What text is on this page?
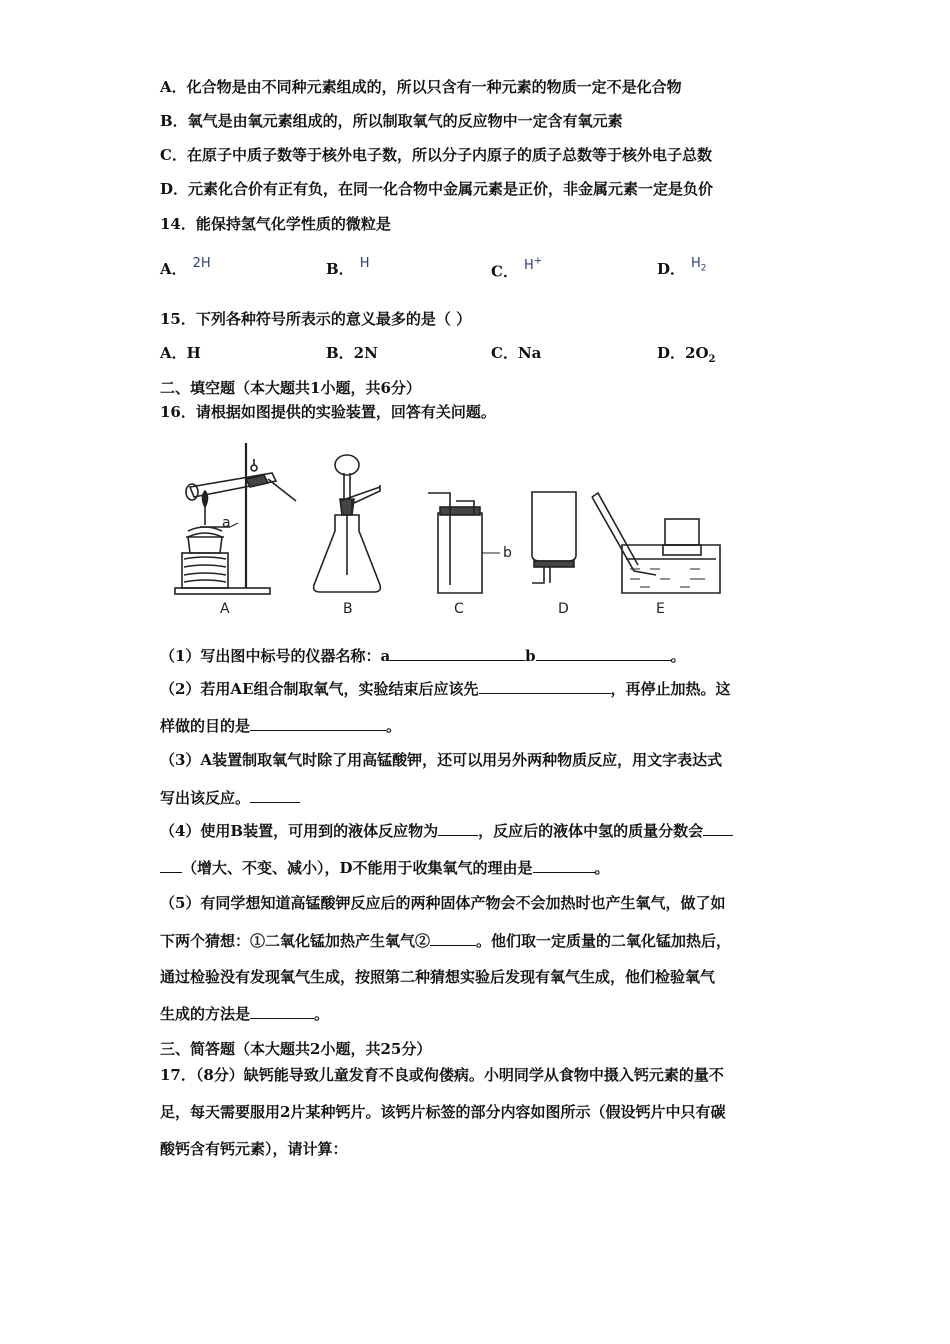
A．化合物是由不同种元素组成的，所以只含有一种元素的物质一定不是化合物
B．氧气是由氧元素组成的，所以制取氧气的反应物中一定含有氧元素
C．在原子中质子数等于核外电子数，所以分子内原子的质子总数等于核外电子总数
D．元素化合价有正有负，在同一化合物中金属元素是正价，非金属元素一定是负价
14．能保持氢气化学性质的微粒是
A． 2H	B． H	C． H+	D． $H_2$
15．下列各种符号所表示的意义最多的是（ ）
A．H	B．2N	C．Na	D．$2O_2$
二、填空题（本大题共1小题，共6分）
16．请根据如图提供的实验装置，回答有关问题。
a
b
A	B	C	D	E
（1）写出图中标号的仪器名称：a	b	。
（2）若用AE组合制取氧气，实验结束后应该先	，再停止加热。这
样做的目的是	。
（3）A装置制取氧气时除了用高锰酸钾，还可以用另外两种物质反应，用文字表达式
写出该反应。
（4）使用B装置，可用到的液体反应物为	，反应后的液体中氢的质量分数会
（增大、不变、减小），D不能用于收集氧气的理由是	。
（5）有同学想知道高锰酸钾反应后的两种固体产物会不会加热时也产生氧气，做了如
下两个猜想：①二氧化锰加热产生氧气②	。他们取一定质量的二氧化锰加热后，
通过检验没有发现氧气生成，按照第二种猜想实验后发现有氧气生成，他们检验氧气
生成的方法是	。
三、简答题（本大题共2小题，共25分）
17．（8分）缺钙能导致儿童发育不良或佝偻病。小明同学从食物中摄入钙元素的量不
足，每天需要服用2片某种钙片。该钙片标签的部分内容如图所示（假设钙片中只有碳
酸钙含有钙元素），请计算：
